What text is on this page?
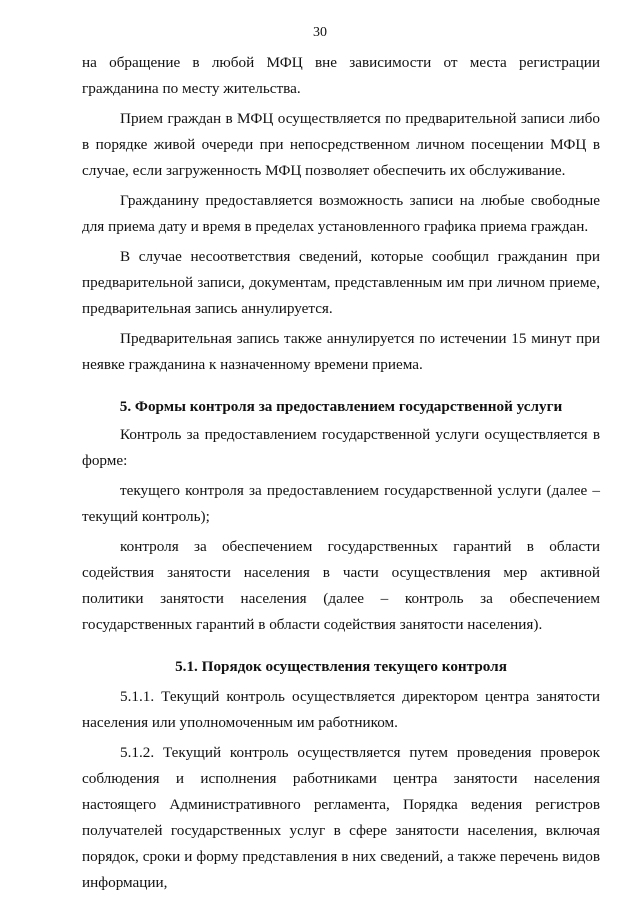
30

на обращение в любой МФЦ вне зависимости от места регистрации гражданина по месту жительства.

Прием граждан в МФЦ осуществляется по предварительной записи либо в порядке живой очереди при непосредственном личном посещении МФЦ в случае, если загруженность МФЦ позволяет обеспечить их обслуживание.

Гражданину предоставляется возможность записи на любые свободные для приема дату и время в пределах установленного графика приема граждан.

В случае несоответствия сведений, которые сообщил гражданин при предварительной записи, документам, представленным им при личном приеме, предварительная запись аннулируется.

Предварительная запись также аннулируется по истечении 15 минут при неявке гражданина к назначенному времени приема.

5. Формы контроля за предоставлением государственной услуги

Контроль за предоставлением государственной услуги осуществляется в форме:

текущего контроля за предоставлением государственной услуги (далее – текущий контроль);

контроля за обеспечением государственных гарантий в области содействия занятости населения в части осуществления мер активной политики занятости населения (далее – контроль за обеспечением государственных гарантий в области содействия занятости населения).

5.1. Порядок осуществления текущего контроля

5.1.1. Текущий контроль осуществляется директором центра занятости населения или уполномоченным им работником.

5.1.2. Текущий контроль осуществляется путем проведения проверок соблюдения и исполнения работниками центра занятости населения настоящего Административного регламента, Порядка ведения регистров получателей государственных услуг в сфере занятости населения, включая порядок, сроки и форму представления в них сведений, а также перечень видов информации,
